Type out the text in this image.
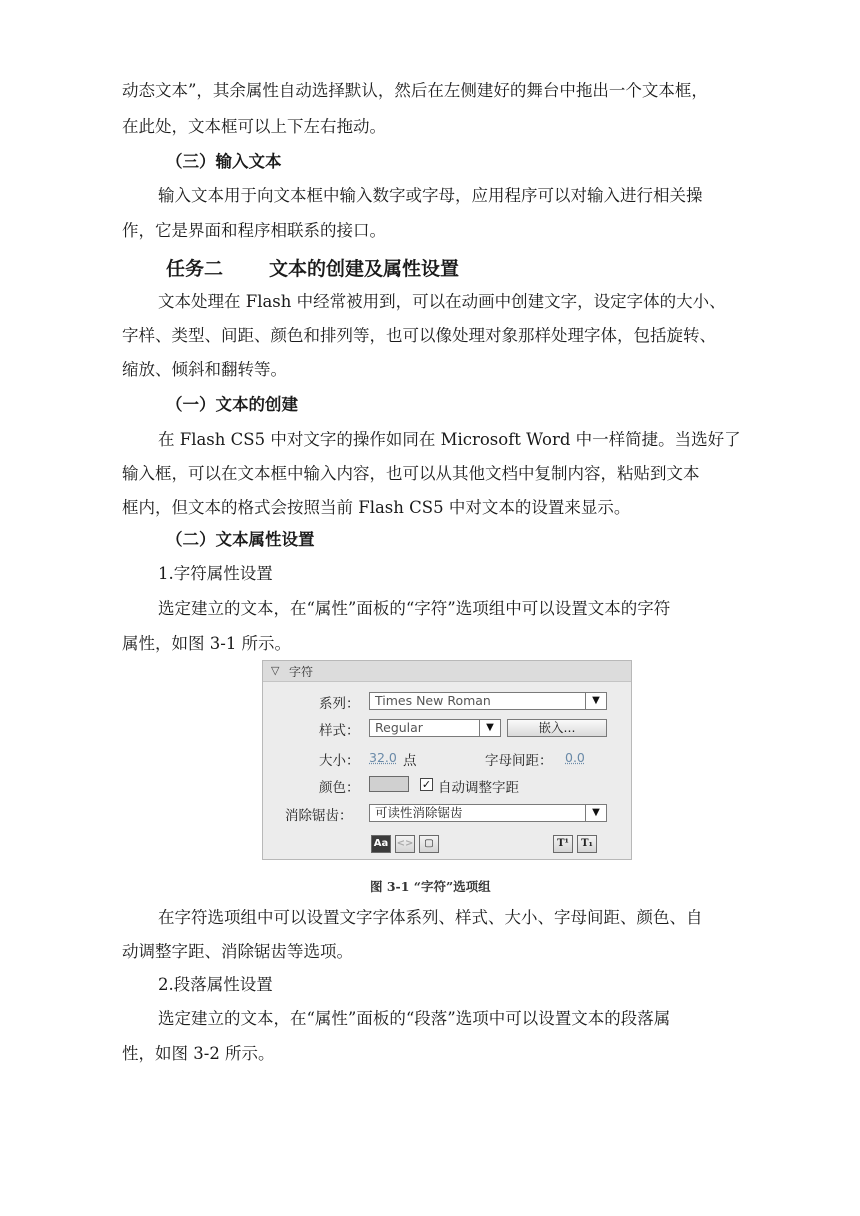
动态文本”，其余属性自动选择默认，然后在左侧建好的舞台中拖出一个文本框，
在此处，文本框可以上下左右拖动。
（三）输入文本
输入文本用于向文本框中输入数字或字母，应用程序可以对输入进行相关操
作，它是界面和程序相联系的接口。
任务二 文本的创建及属性设置
文本处理在 Flash 中经常被用到，可以在动画中创建文字，设定字体的大小、
字样、类型、间距、颜色和排列等，也可以像处理对象那样处理字体，包括旋转、
缩放、倾斜和翻转等。
（一）文本的创建
在 Flash CS5 中对文字的操作如同在 Microsoft Word 中一样简捷。当选好了
输入框，可以在文本框中输入内容，也可以从其他文档中复制内容，粘贴到文本
框内，但文本的格式会按照当前 Flash CS5 中对文本的设置来显示。
（二）文本属性设置
1.字符属性设置
选定建立的文本，在“属性”面板的“字符”选项组中可以设置文本的字符
属性，如图 3-1 所示。
▽ 字符
系列：	Times New Roman	▼
样式：	Regular	▼	嵌入...
大小： 32.0 点	字母间距： 0.0
颜色：	✓ 自动调整字距
消除锯齿：	可读性消除锯齿	▼
Aa <>	▢	T¹	T₁
图 3-1 “字符”选项组
在字符选项组中可以设置文字字体系列、样式、大小、字母间距、颜色、自
动调整字距、消除锯齿等选项。
2.段落属性设置
选定建立的文本，在“属性”面板的“段落”选项中可以设置文本的段落属
性，如图 3-2 所示。
